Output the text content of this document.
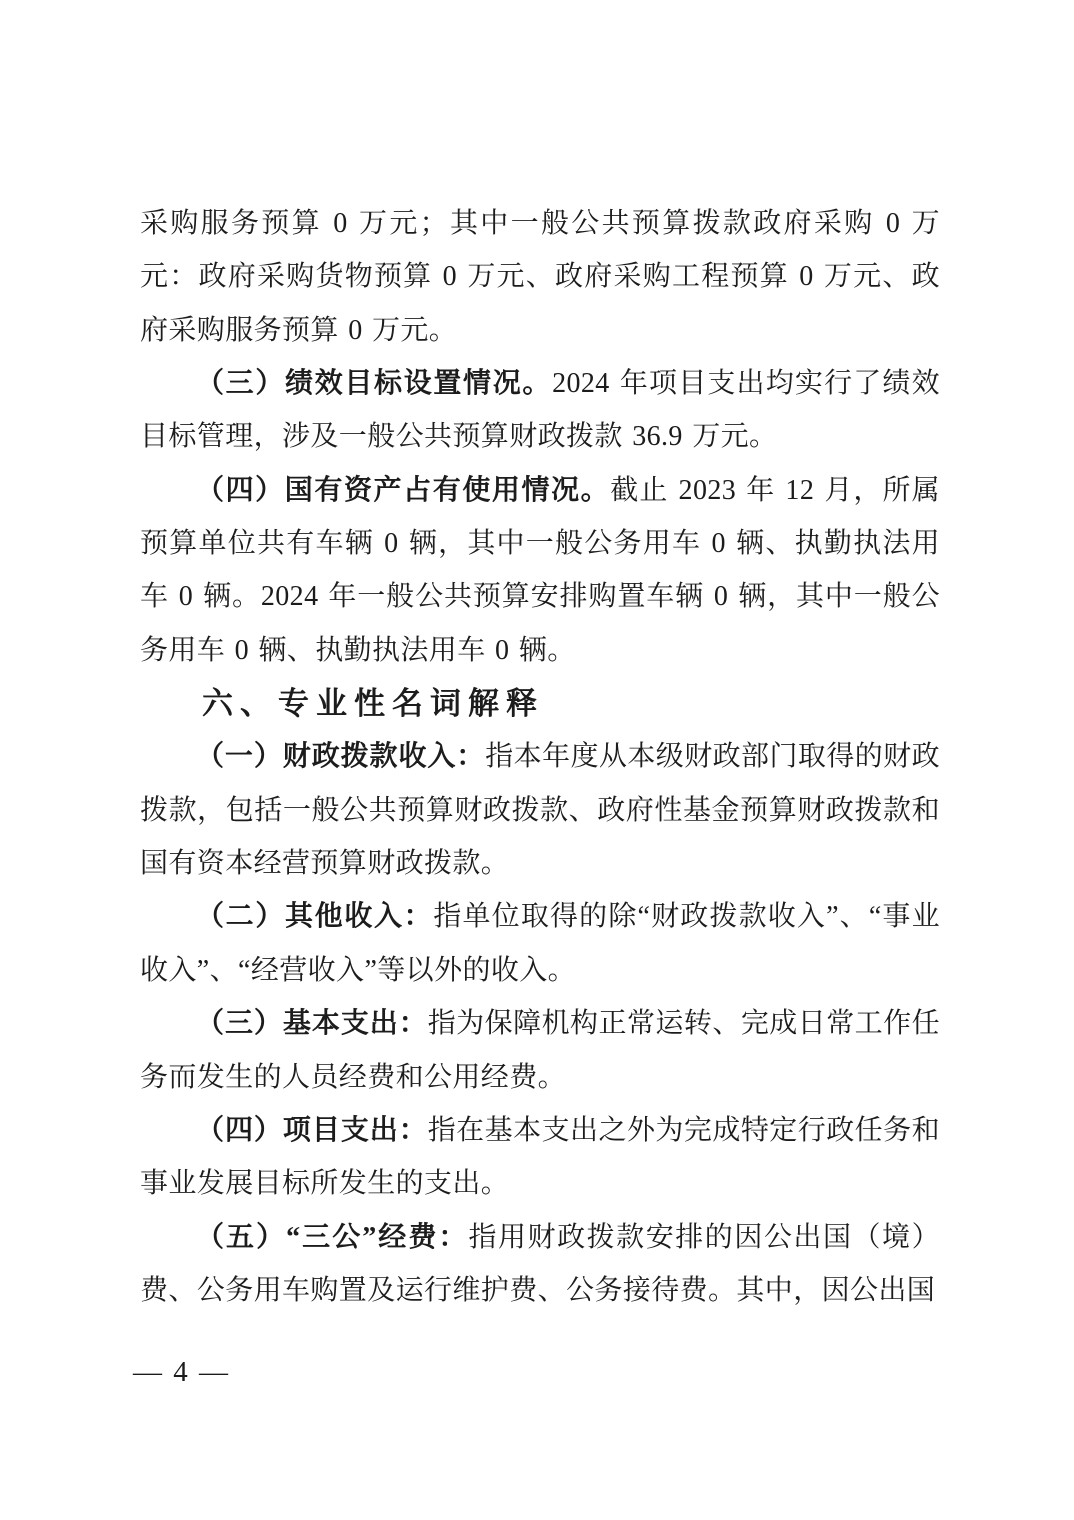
采购服务预算 0 万元；其中一般公共预算拨款政府采购 0 万元：政府采购货物预算 0 万元、政府采购工程预算 0 万元、政府采购服务预算 0 万元。

（三）绩效目标设置情况。2024 年项目支出均实行了绩效目标管理，涉及一般公共预算财政拨款 36.9 万元。

（四）国有资产占有使用情况。截止 2023 年 12 月，所属预算单位共有车辆 0 辆，其中一般公务用车 0 辆、执勤执法用车 0 辆。2024 年一般公共预算安排购置车辆 0 辆，其中一般公务用车 0 辆、执勤执法用车 0 辆。

六、专业性名词解释

（一）财政拨款收入：指本年度从本级财政部门取得的财政拨款，包括一般公共预算财政拨款、政府性基金预算财政拨款和国有资本经营预算财政拨款。

（二）其他收入：指单位取得的除“财政拨款收入”、“事业收入”、“经营收入”等以外的收入。

（三）基本支出：指为保障机构正常运转、完成日常工作任务而发生的人员经费和公用经费。

（四）项目支出：指在基本支出之外为完成特定行政任务和事业发展目标所发生的支出。

（五）“三公”经费：指用财政拨款安排的因公出国（境）费、公务用车购置及运行维护费、公务接待费。其中，因公出国

— 4 —
